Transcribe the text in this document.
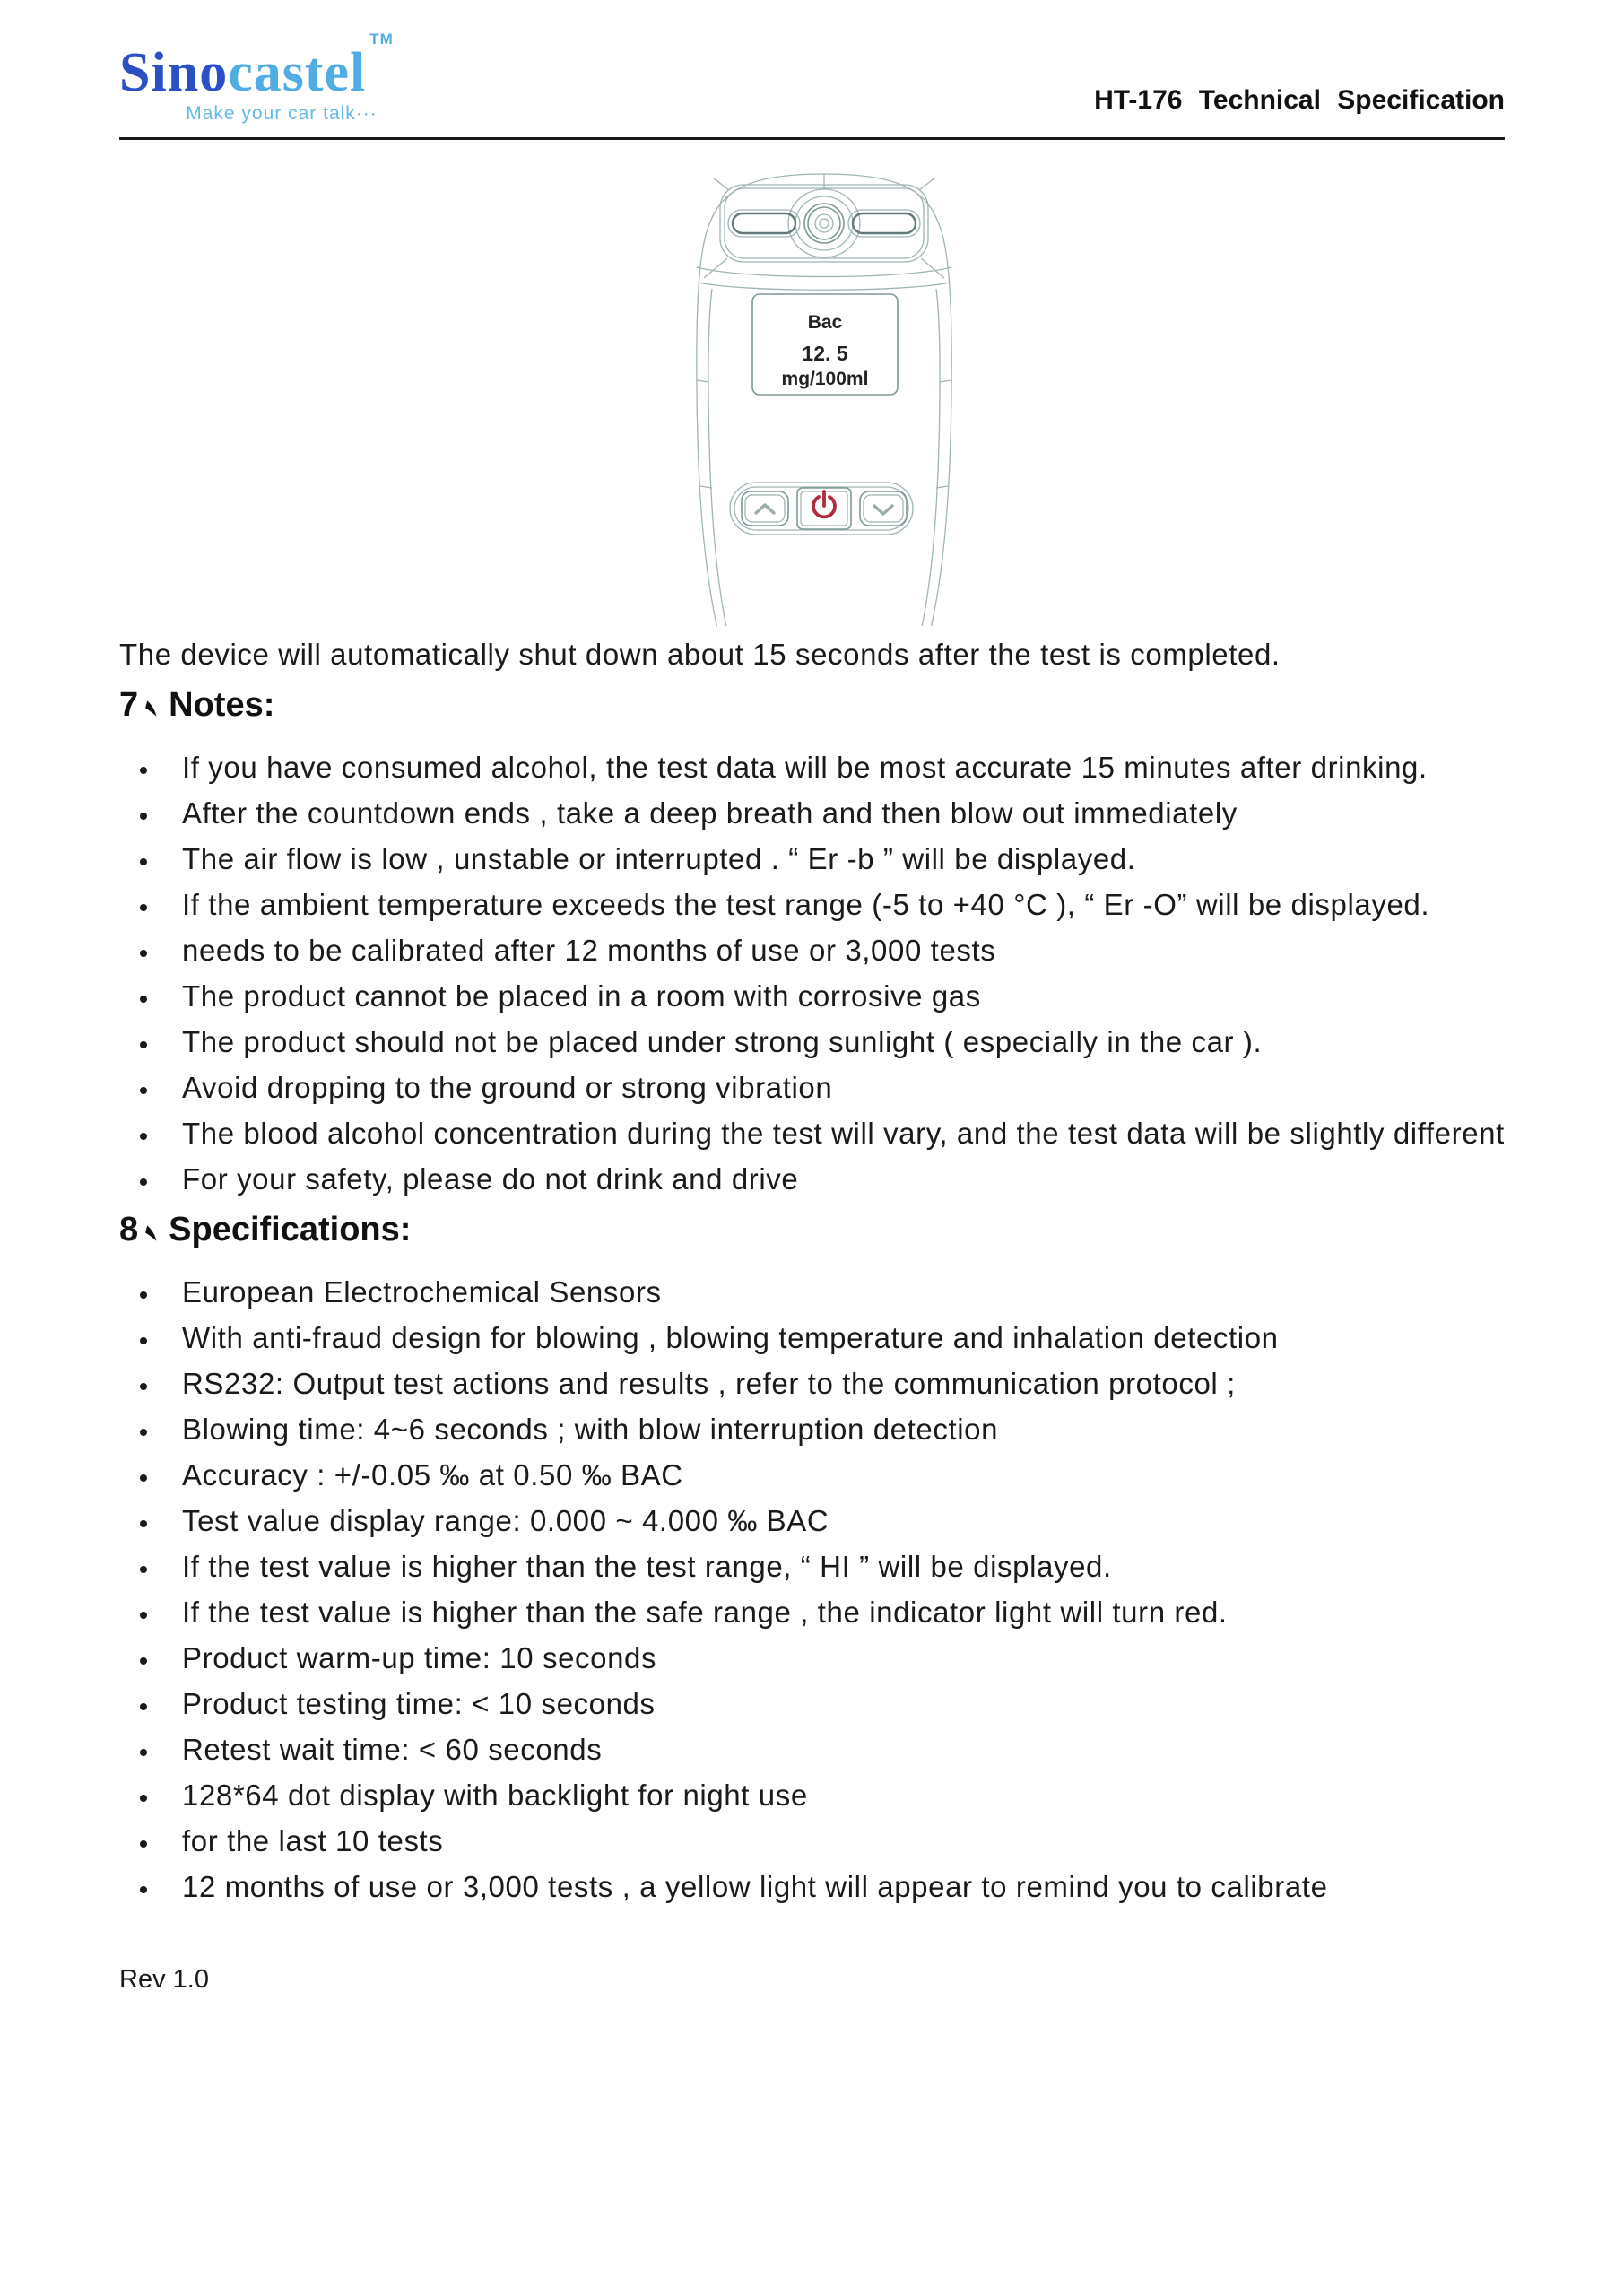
Sinocastel™
Make your car talk···	HT-176 Technical Specification
Bac
12. 5
mg/100ml

The device will automatically shut down about 15 seconds after the test is completed.

7 Notes:
• If you have consumed alcohol, the test data will be most accurate 15 minutes after drinking.
• After the countdown ends , take a deep breath and then blow out immediately
• The air flow is low , unstable or interrupted . “ Er -b ” will be displayed.
• If the ambient temperature exceeds the test range (-5 to +40 °C ), “ Er -O” will be displayed.
• needs to be calibrated after 12 months of use or 3,000 tests
• The product cannot be placed in a room with corrosive gas
• The product should not be placed under strong sunlight ( especially in the car ).
• Avoid dropping to the ground or strong vibration
• The blood alcohol concentration during the test will vary, and the test data will be slightly different
• For your safety, please do not drink and drive
8 Specifications:
• European Electrochemical Sensors
• With anti-fraud design for blowing , blowing temperature and inhalation detection
• RS232: Output test actions and results , refer to the communication protocol ;
• Blowing time: 4~6 seconds ; with blow interruption detection
• Accuracy : +/-0.05 ‰ at 0.50 ‰ BAC
• Test value display range: 0.000 ~ 4.000 ‰ BAC
• If the test value is higher than the test range, “ HI ” will be displayed.
• If the test value is higher than the safe range , the indicator light will turn red.
• Product warm-up time: 10 seconds
• Product testing time: < 10 seconds
• Retest wait time: < 60 seconds
• 128*64 dot display with backlight for night use
• for the last 10 tests
• 12 months of use or 3,000 tests , a yellow light will appear to remind you to calibrate
Rev 1.0
